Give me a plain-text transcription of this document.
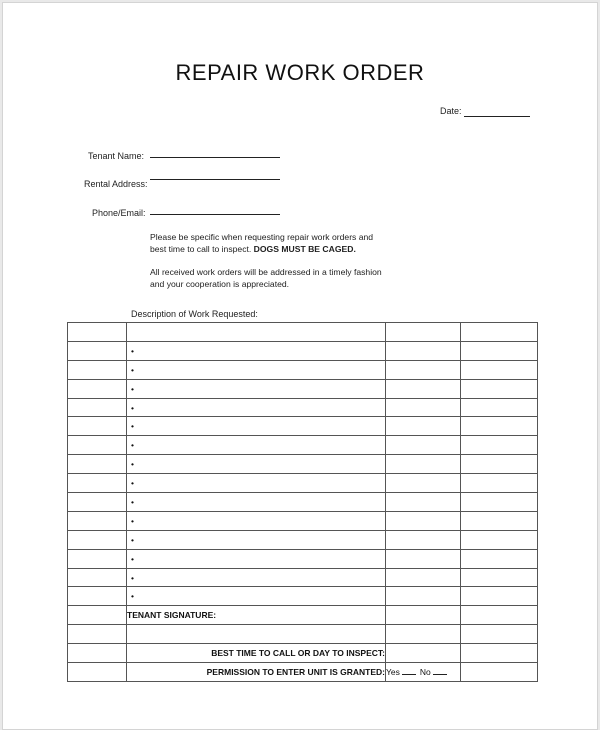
REPAIR WORK ORDER
Date:
Tenant Name:
Rental Address:
Phone/Email:
Please be specific when requesting repair work orders and best time to call to inspect. DOGS MUST BE CAGED.
All received work orders will be addressed in a timely fashion and your cooperation is appreciated.
Description of Work Requested:

	•		
	•		
	•		
	•		
	•		
	•		
	•		
	•		
	•		
	•		
	•		
	•		
	•		
	•		
	TENANT SIGNATURE:		

	BEST TIME TO CALL OR DAY TO INSPECT:		
	PERMISSION TO ENTER UNIT IS GRANTED:	Yes No	
